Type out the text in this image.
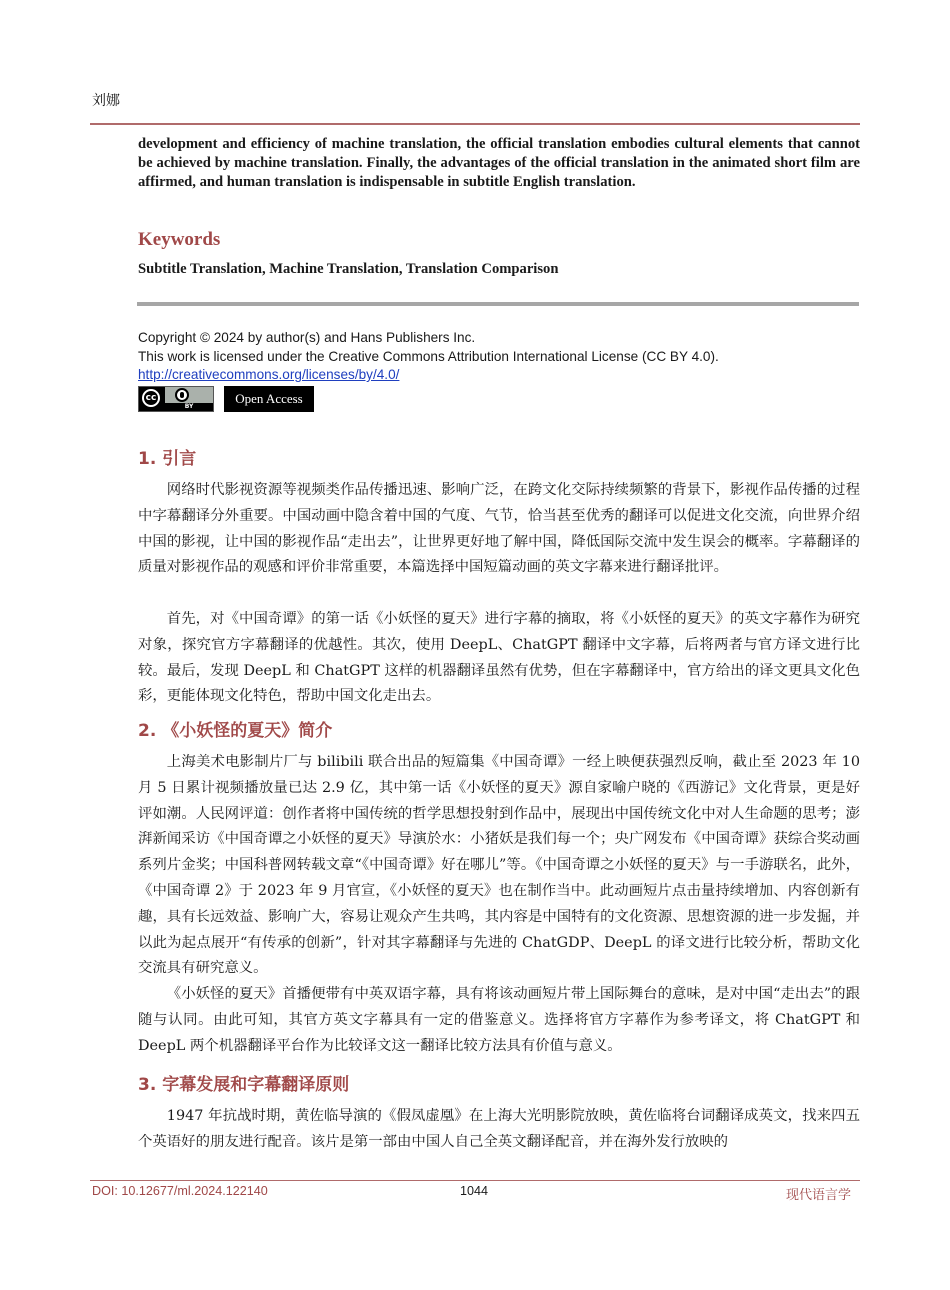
刘娜
development and efficiency of machine translation, the official translation embodies cultural elements that cannot be achieved by machine translation. Finally, the advantages of the official translation in the animated short film are affirmed, and human translation is indispensable in subtitle English translation.
Keywords
Subtitle Translation, Machine Translation, Translation Comparison
Copyright © 2024 by author(s) and Hans Publishers Inc.
This work is licensed under the Creative Commons Attribution International License (CC BY 4.0).
http://creativecommons.org/licenses/by/4.0/
cc
BY
Open Access
1. 引言
网络时代影视资源等视频类作品传播迅速、影响广泛，在跨文化交际持续频繁的背景下，影视作品传播的过程中字幕翻译分外重要。中国动画中隐含着中国的气度、气节，恰当甚至优秀的翻译可以促进文化交流，向世界介绍中国的影视，让中国的影视作品“走出去”，让世界更好地了解中国，降低国际交流中发生误会的概率。字幕翻译的质量对影视作品的观感和评价非常重要，本篇选择中国短篇动画的英文字幕来进行翻译批评。
首先，对《中国奇谭》的第一话《小妖怪的夏天》进行字幕的摘取，将《小妖怪的夏天》的英文字幕作为研究对象，探究官方字幕翻译的优越性。其次，使用 DeepL、ChatGPT 翻译中文字幕，后将两者与官方译文进行比较。最后，发现 DeepL 和 ChatGPT 这样的机器翻译虽然有优势，但在字幕翻译中，官方给出的译文更具文化色彩，更能体现文化特色，帮助中国文化走出去。
2. 《小妖怪的夏天》简介
上海美术电影制片厂与 bilibili 联合出品的短篇集《中国奇谭》一经上映便获强烈反响，截止至 2023 年 10 月 5 日累计视频播放量已达 2.9 亿，其中第一话《小妖怪的夏天》源自家喻户晓的《西游记》文化背景，更是好评如潮。人民网评道：创作者将中国传统的哲学思想投射到作品中，展现出中国传统文化中对人生命题的思考；澎湃新闻采访《中国奇谭之小妖怪的夏天》导演於水：小猪妖是我们每一个；央广网发布《中国奇谭》获综合奖动画系列片金奖；中国科普网转载文章“《中国奇谭》好在哪儿”等。《中国奇谭之小妖怪的夏天》与一手游联名，此外，《中国奇谭 2》于 2023 年 9 月官宣，《小妖怪的夏天》也在制作当中。此动画短片点击量持续增加、内容创新有趣，具有长远效益、影响广大，容易让观众产生共鸣，其内容是中国特有的文化资源、思想资源的进一步发掘，并以此为起点展开“有传承的创新”，针对其字幕翻译与先进的 ChatGDP、DeepL 的译文进行比较分析，帮助文化交流具有研究意义。
《小妖怪的夏天》首播便带有中英双语字幕，具有将该动画短片带上国际舞台的意味，是对中国“走出去”的跟随与认同。由此可知，其官方英文字幕具有一定的借鉴意义。选择将官方字幕作为参考译文，将 ChatGPT 和 DeepL 两个机器翻译平台作为比较译文这一翻译比较方法具有价值与意义。
3. 字幕发展和字幕翻译原则
1947 年抗战时期，黄佐临导演的《假凤虚凰》在上海大光明影院放映，黄佐临将台词翻译成英文，找来四五个英语好的朋友进行配音。该片是第一部由中国人自己全英文翻译配音，并在海外发行放映的
DOI: 10.12677/ml.2024.122140	1044	现代语言学
